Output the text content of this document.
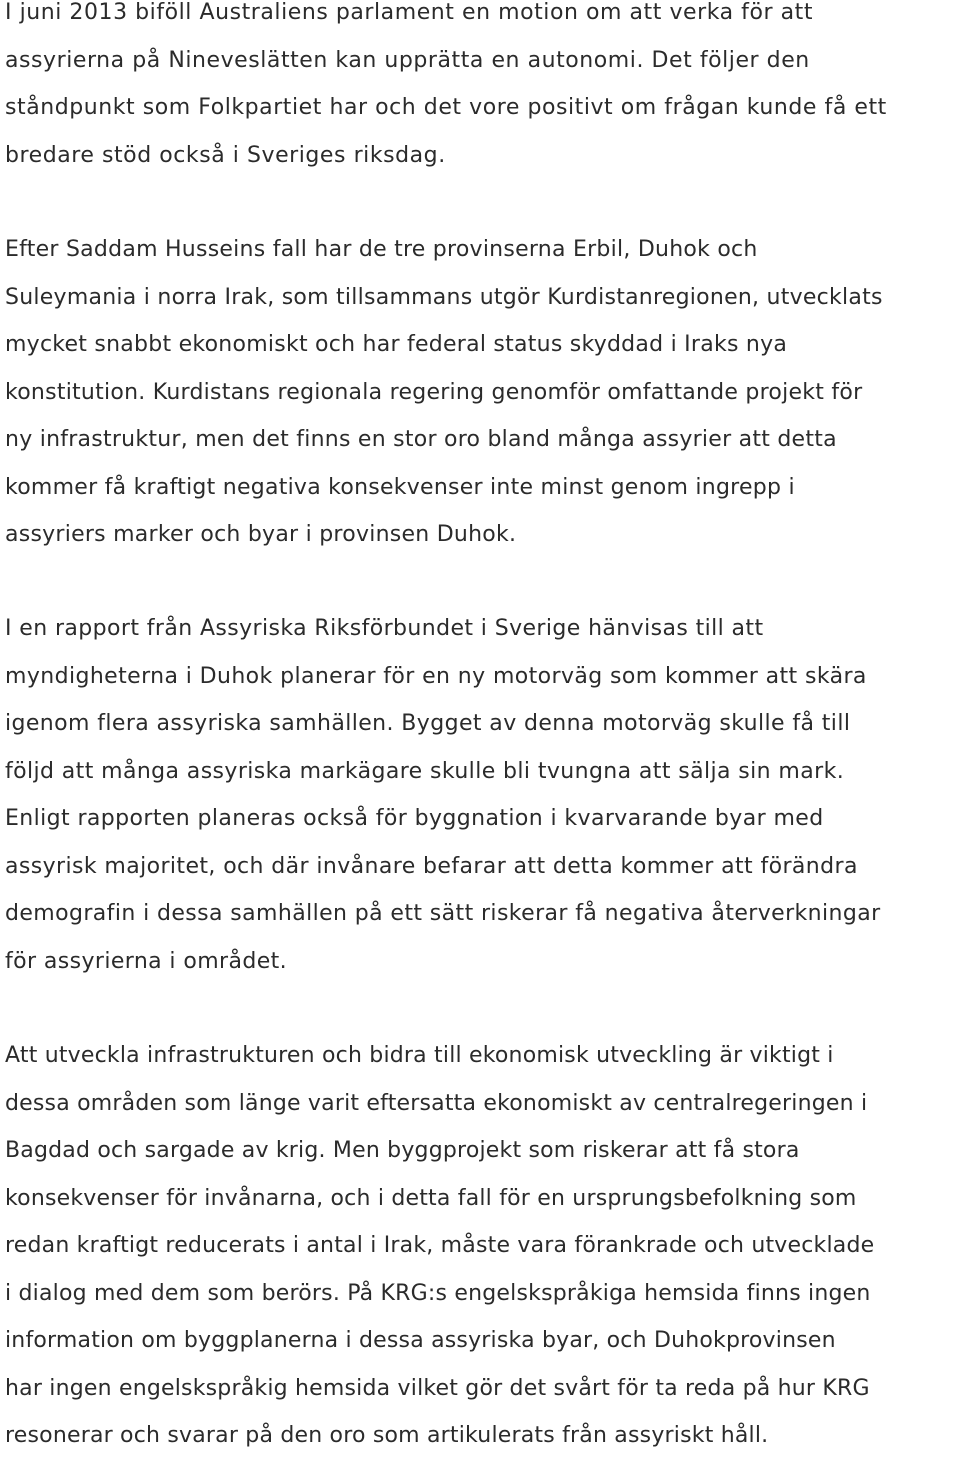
I juni 2013 biföll Australiens parlament en motion om att verka för att
assyrierna på Nineveslätten kan upprätta en autonomi. Det följer den
ståndpunkt som Folkpartiet har och det vore positivt om frågan kunde få ett
bredare stöd också i Sveriges riksdag.

Efter Saddam Husseins fall har de tre provinserna Erbil, Duhok och
Suleymania i norra Irak, som tillsammans utgör Kurdistanregionen, utvecklats
mycket snabbt ekonomiskt och har federal status skyddad i Iraks nya
konstitution. Kurdistans regionala regering genomför omfattande projekt för
ny infrastruktur, men det finns en stor oro bland många assyrier att detta
kommer få kraftigt negativa konsekvenser inte minst genom ingrepp i
assyriers marker och byar i provinsen Duhok.

I en rapport från Assyriska Riksförbundet i Sverige hänvisas till att
myndigheterna i Duhok planerar för en ny motorväg som kommer att skära
igenom flera assyriska samhällen. Bygget av denna motorväg skulle få till
följd att många assyriska markägare skulle bli tvungna att sälja sin mark.
Enligt rapporten planeras också för byggnation i kvarvarande byar med
assyrisk majoritet, och där invånare befarar att detta kommer att förändra
demografin i dessa samhällen på ett sätt riskerar få negativa återverkningar
för assyrierna i området.

Att utveckla infrastrukturen och bidra till ekonomisk utveckling är viktigt i
dessa områden som länge varit eftersatta ekonomiskt av centralregeringen i
Bagdad och sargade av krig. Men byggprojekt som riskerar att få stora
konsekvenser för invånarna, och i detta fall för en ursprungsbefolkning som
redan kraftigt reducerats i antal i Irak, måste vara förankrade och utvecklade
i dialog med dem som berörs. På KRG:s engelskspråkiga hemsida finns ingen
information om byggplanerna i dessa assyriska byar, och Duhokprovinsen
har ingen engelskspråkig hemsida vilket gör det svårt för ta reda på hur KRG
resonerar och svarar på den oro som artikulerats från assyriskt håll.
